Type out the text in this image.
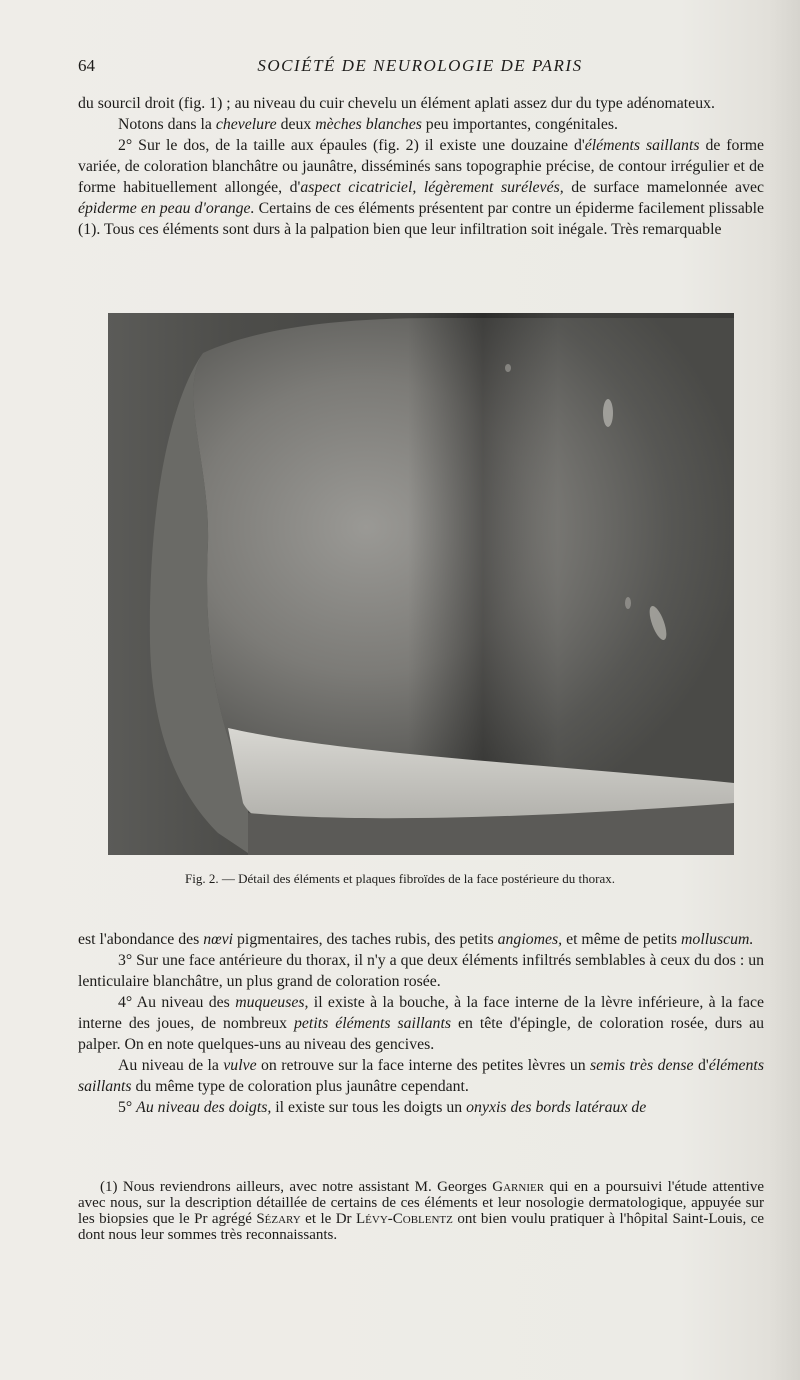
64	SOCIÉTÉ DE NEUROLOGIE DE PARIS

du sourcil droit (fig. 1) ; au niveau du cuir chevelu un élément aplati assez dur du type adénomateux.

Notons dans la chevelure deux mèches blanches peu importantes, congénitales.

2° Sur le dos, de la taille aux épaules (fig. 2) il existe une douzaine d'éléments saillants de forme variée, de coloration blanchâtre ou jaunâtre, disséminés sans topographie précise, de contour irrégulier et de forme habituellement allongée, d'aspect cicatriciel, légèrement surélevés, de surface mamelonnée avec épiderme en peau d'orange. Certains de ces éléments présentent par contre un épiderme facilement plissable (1). Tous ces éléments sont durs à la palpation bien que leur infiltration soit inégale. Très remarquable

Fig. 2. — Détail des éléments et plaques fibroïdes de la face postérieure du thorax.

est l'abondance des nœvi pigmentaires, des taches rubis, des petits angiomes, et même de petits molluscum.

3° Sur une face antérieure du thorax, il n'y a que deux éléments infiltrés semblables à ceux du dos : un lenticulaire blanchâtre, un plus grand de coloration rosée.

4° Au niveau des muqueuses, il existe à la bouche, à la face interne de la lèvre inférieure, à la face interne des joues, de nombreux petits éléments saillants en tête d'épingle, de coloration rosée, durs au palper. On en note quelques-uns au niveau des gencives.

Au niveau de la vulve on retrouve sur la face interne des petites lèvres un semis très dense d'éléments saillants du même type de coloration plus jaunâtre cependant.

5° Au niveau des doigts, il existe sur tous les doigts un onyxis des bords latéraux de

(1) Nous reviendrons ailleurs, avec notre assistant M. Georges Garnier qui en a poursuivi l'étude attentive avec nous, sur la description détaillée de certains de ces éléments et leur nosologie dermatologique, appuyée sur les biopsies que le Pr agrégé Sézary et le Dr Lévy-Coblentz ont bien voulu pratiquer à l'hôpital Saint-Louis, ce dont nous leur sommes très reconnaissants.
